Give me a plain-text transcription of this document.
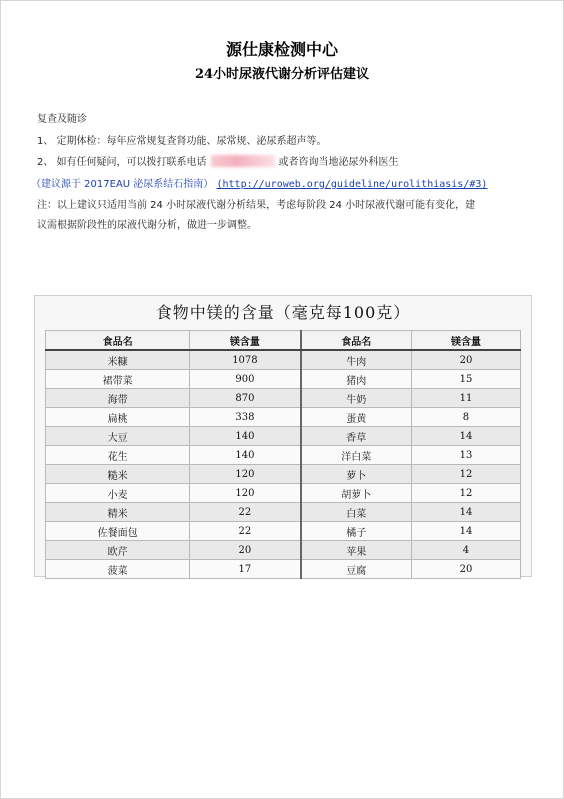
源仕康检测中心
24小时尿液代谢分析评估建议
复查及随诊
1、 定期体检：每年应常规复查肾功能、尿常规、泌尿系超声等。
2、 如有任何疑问，可以拨打联系电话	或者咨询当地泌尿外科医生
（建议源于 2017EAU 泌尿系结石指南） (http://uroweb.org/guideline/urolithiasis/#3)
注：以上建议只适用当前 24 小时尿液代谢分析结果，考虑每阶段 24 小时尿液代谢可能有变化，建
议需根据阶段性的尿液代谢分析，做进一步调整。
食物中镁的含量（毫克每100克）
食品名	镁含量	食品名	镁含量
米糠	1078	牛肉	20
裙带菜	900	猪肉	15
海带	870	牛奶	11
扁桃	338	蛋黄	8
大豆	140	香草	14
花生	140	洋白菜	13
糙米	120	萝卜	12
小麦	120	胡萝卜	12
精米	22	白菜	14
佐餐面包	22	橘子	14
欧芹	20	苹果	4
菠菜	17	豆腐	20
